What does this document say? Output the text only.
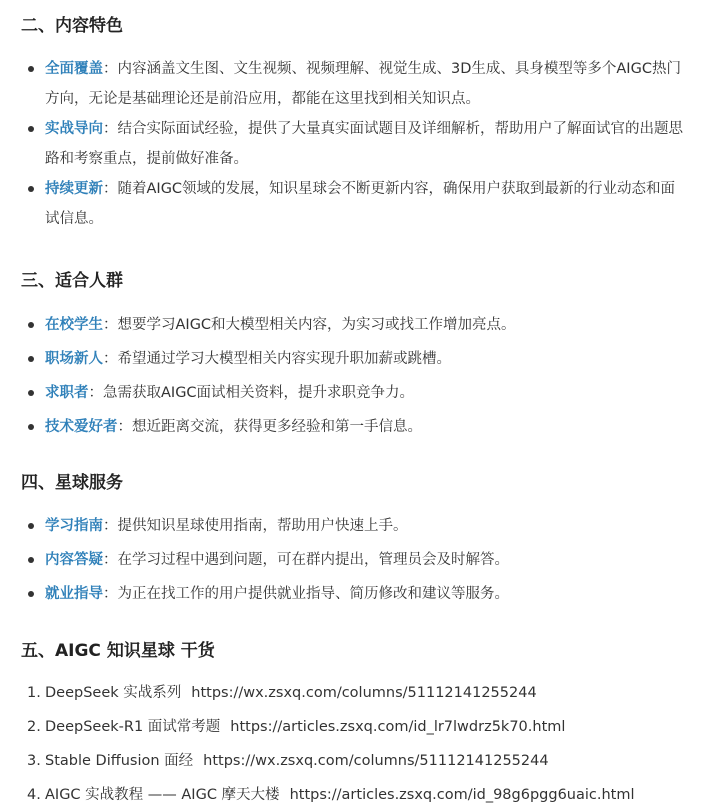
二、内容特色
全面覆盖：内容涵盖文生图、文生视频、视频理解、视觉生成、3D生成、具身模型等多个AIGC热门方向，无论是基础理论还是前沿应用，都能在这里找到相关知识点。
实战导向：结合实际面试经验，提供了大量真实面试题目及详细解析，帮助用户了解面试官的出题思路和考察重点，提前做好准备。
持续更新：随着AIGC领域的发展，知识星球会不断更新内容，确保用户获取到最新的行业动态和面试信息。
三、适合人群
在校学生：想要学习AIGC和大模型相关内容，为实习或找工作增加亮点。
职场新人：希望通过学习大模型相关内容实现升职加薪或跳槽。
求职者：急需获取AIGC面试相关资料，提升求职竞争力。
技术爱好者：想近距离交流，获得更多经验和第一手信息。
四、星球服务
学习指南：提供知识星球使用指南，帮助用户快速上手。
内容答疑：在学习过程中遇到问题，可在群内提出，管理员会及时解答。
就业指导：为正在找工作的用户提供就业指导、简历修改和建议等服务。
五、AIGC 知识星球 干货
1. DeepSeek 实战系列 https://wx.zsxq.com/columns/51112141255244
2. DeepSeek-R1 面试常考题 https://articles.zsxq.com/id_lr7lwdrz5k70.html
3. Stable Diffusion 面经 https://wx.zsxq.com/columns/51112141255244
4. AIGC 实战教程 —— AIGC 摩天大楼 https://articles.zsxq.com/id_98g6pgg6uaic.html
